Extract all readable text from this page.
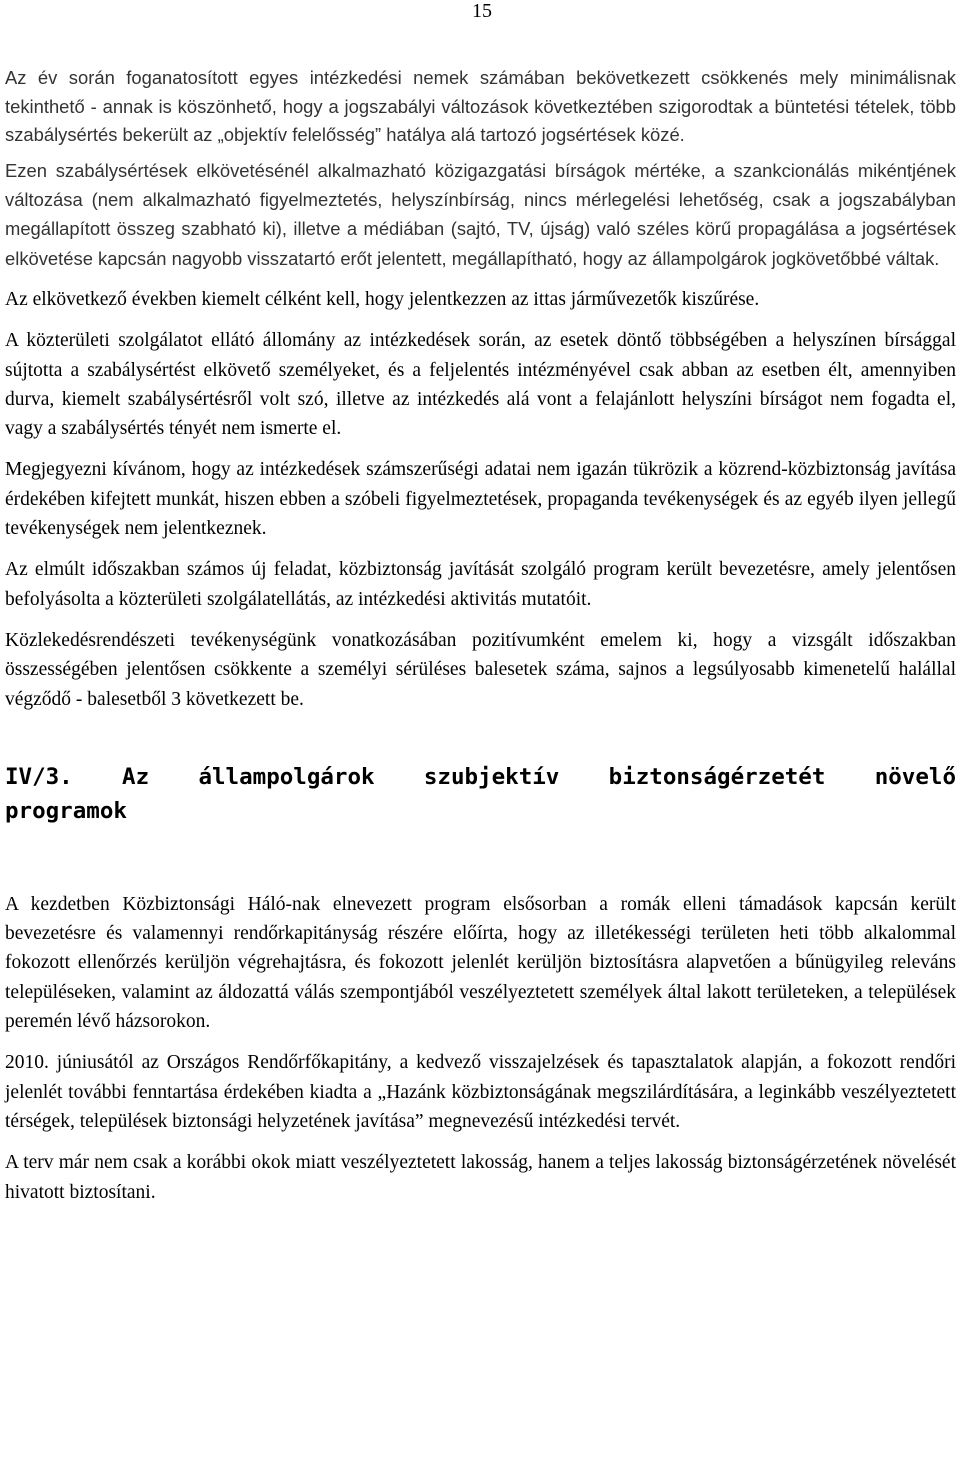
15

Az év során foganatosított egyes intézkedési nemek számában bekövetkezett csökkenés mely minimálisnak tekinthető - annak is köszönhető, hogy a jogszabályi változások következtében szigorodtak a büntetési tételek, több szabálysértés bekerült az „objektív felelősség” hatálya alá tartozó jogsértések közé.

Ezen szabálysértések elkövetésénél alkalmazható közigazgatási bírságok mértéke, a szankcionálás mikéntjének változása (nem alkalmazható figyelmeztetés, helyszínbírság, nincs mérlegelési lehetőség, csak a jogszabályban megállapított összeg szabható ki), illetve a médiában (sajtó, TV, újság) való széles körű propagálása a jogsértések elkövetése kapcsán nagyobb visszatartó erőt jelentett, megállapítható, hogy az állampolgárok jogkövetőbbé váltak.

Az elkövetkező években kiemelt célként kell, hogy jelentkezzen az ittas járművezetők kiszűrése.

A közterületi szolgálatot ellátó állomány az intézkedések során, az esetek döntő többségében a helyszínen bírsággal sújtotta a szabálysértést elkövető személyeket, és a feljelentés intézményével csak abban az esetben élt, amennyiben durva, kiemelt szabálysértésről volt szó, illetve az intézkedés alá vont a felajánlott helyszíni bírságot nem fogadta el, vagy a szabálysértés tényét nem ismerte el.

Megjegyezni kívánom, hogy az intézkedések számszerűségi adatai nem igazán tükrözik a közrend-közbiztonság javítása érdekében kifejtett munkát, hiszen ebben a szóbeli figyelmeztetések, propaganda tevékenységek és az egyéb ilyen jellegű tevékenységek nem jelentkeznek.

Az elmúlt időszakban számos új feladat, közbiztonság javítását szolgáló program került bevezetésre, amely jelentősen befolyásolta a közterületi szolgálatellátás, az intézkedési aktivitás mutatóit.

Közlekedésrendészeti tevékenységünk vonatkozásában pozitívumként emelem ki, hogy a vizsgált időszakban összességében jelentősen csökkente a személyi sérüléses balesetek száma, sajnos a legsúlyosabb kimenetelű halállal végződő - balesetből 3 következett be.

IV/3. Az állampolgárok szubjektív biztonságérzetét növelő programok

A kezdetben Közbiztonsági Háló-nak elnevezett program elsősorban a romák elleni támadások kapcsán került bevezetésre és valamennyi rendőrkapitányság részére előírta, hogy az illetékességi területen heti több alkalommal fokozott ellenőrzés kerüljön végrehajtásra, és fokozott jelenlét kerüljön biztosításra alapvetően a bűnügyileg releváns településeken, valamint az áldozattá válás szempontjából veszélyeztetett személyek által lakott területeken, a települések peremén lévő házsorokon.

2010. júniusától az Országos Rendőrfőkapitány, a kedvező visszajelzések és tapasztalatok alapján, a fokozott rendőri jelenlét további fenntartása érdekében kiadta a „Hazánk közbiztonságának megszilárdítására, a leginkább veszélyeztetett térségek, települések biztonsági helyzetének javítása” megnevezésű intézkedési tervét.

A terv már nem csak a korábbi okok miatt veszélyeztetett lakosság, hanem a teljes lakosság biztonságérzetének növelését hivatott biztosítani.
